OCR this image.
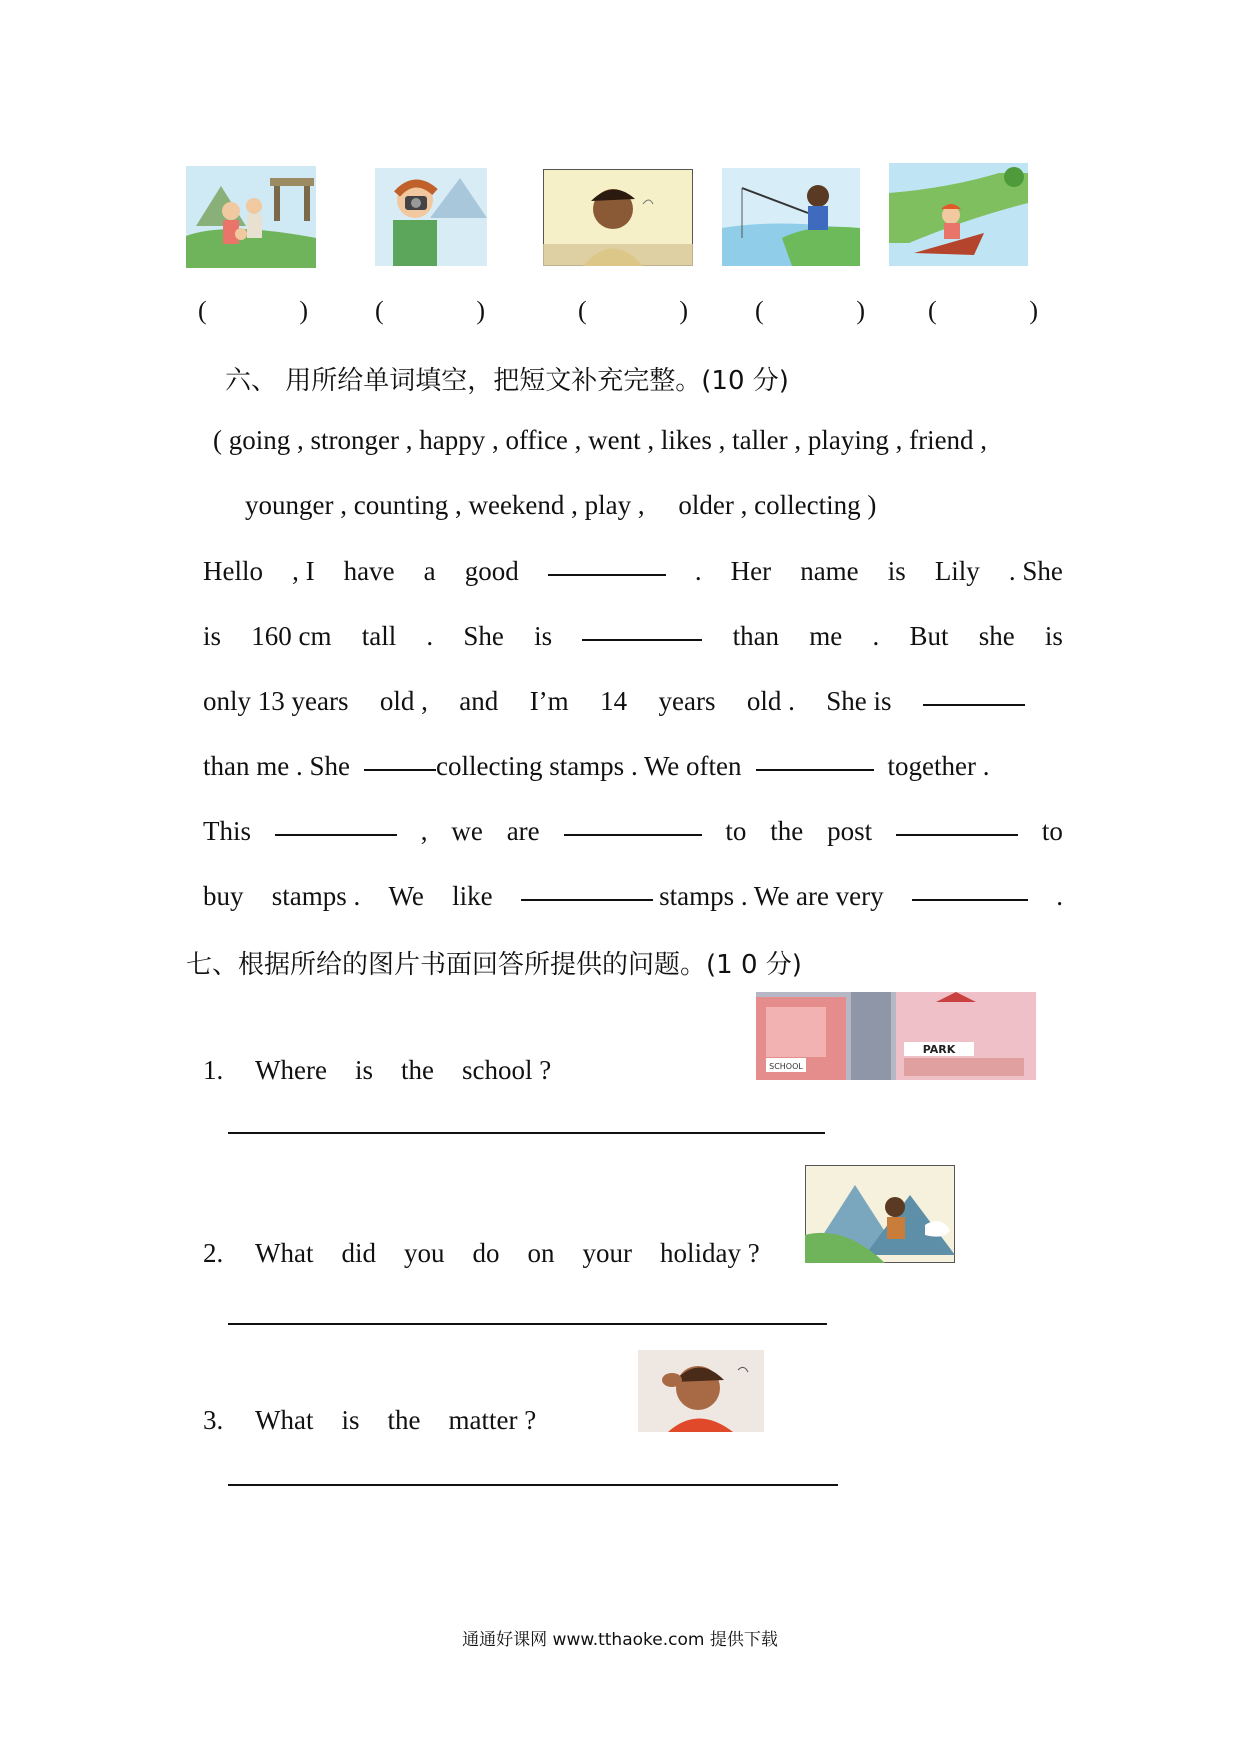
(	)	(	)	(	)	(	) (	)
六、 用所给单词填空，把短文补充完整。(10 分)
( going , stronger , happy , office , went , likes , taller , playing , friend ,
younger , counting , weekend , play ,     older , collecting )
Hello , I have a good	. Her name is Lily . She
is 160 cm tall . She is	than me . But she is
only 13 years old , and I’m 14 years old . She is
than me . She	collecting stamps . We often	together .
This	, we are	to the post	to
buy stamps . We like	stamps . We are very	.
七、根据所给的图片书面回答所提供的问题。(1 0 分)
1.	Where is the school ?	SCHOOL
PARK
2.	What did you do on your holiday ?
3.	What is the matter ?
通通好课网 www.tthaoke.com 提供下载
